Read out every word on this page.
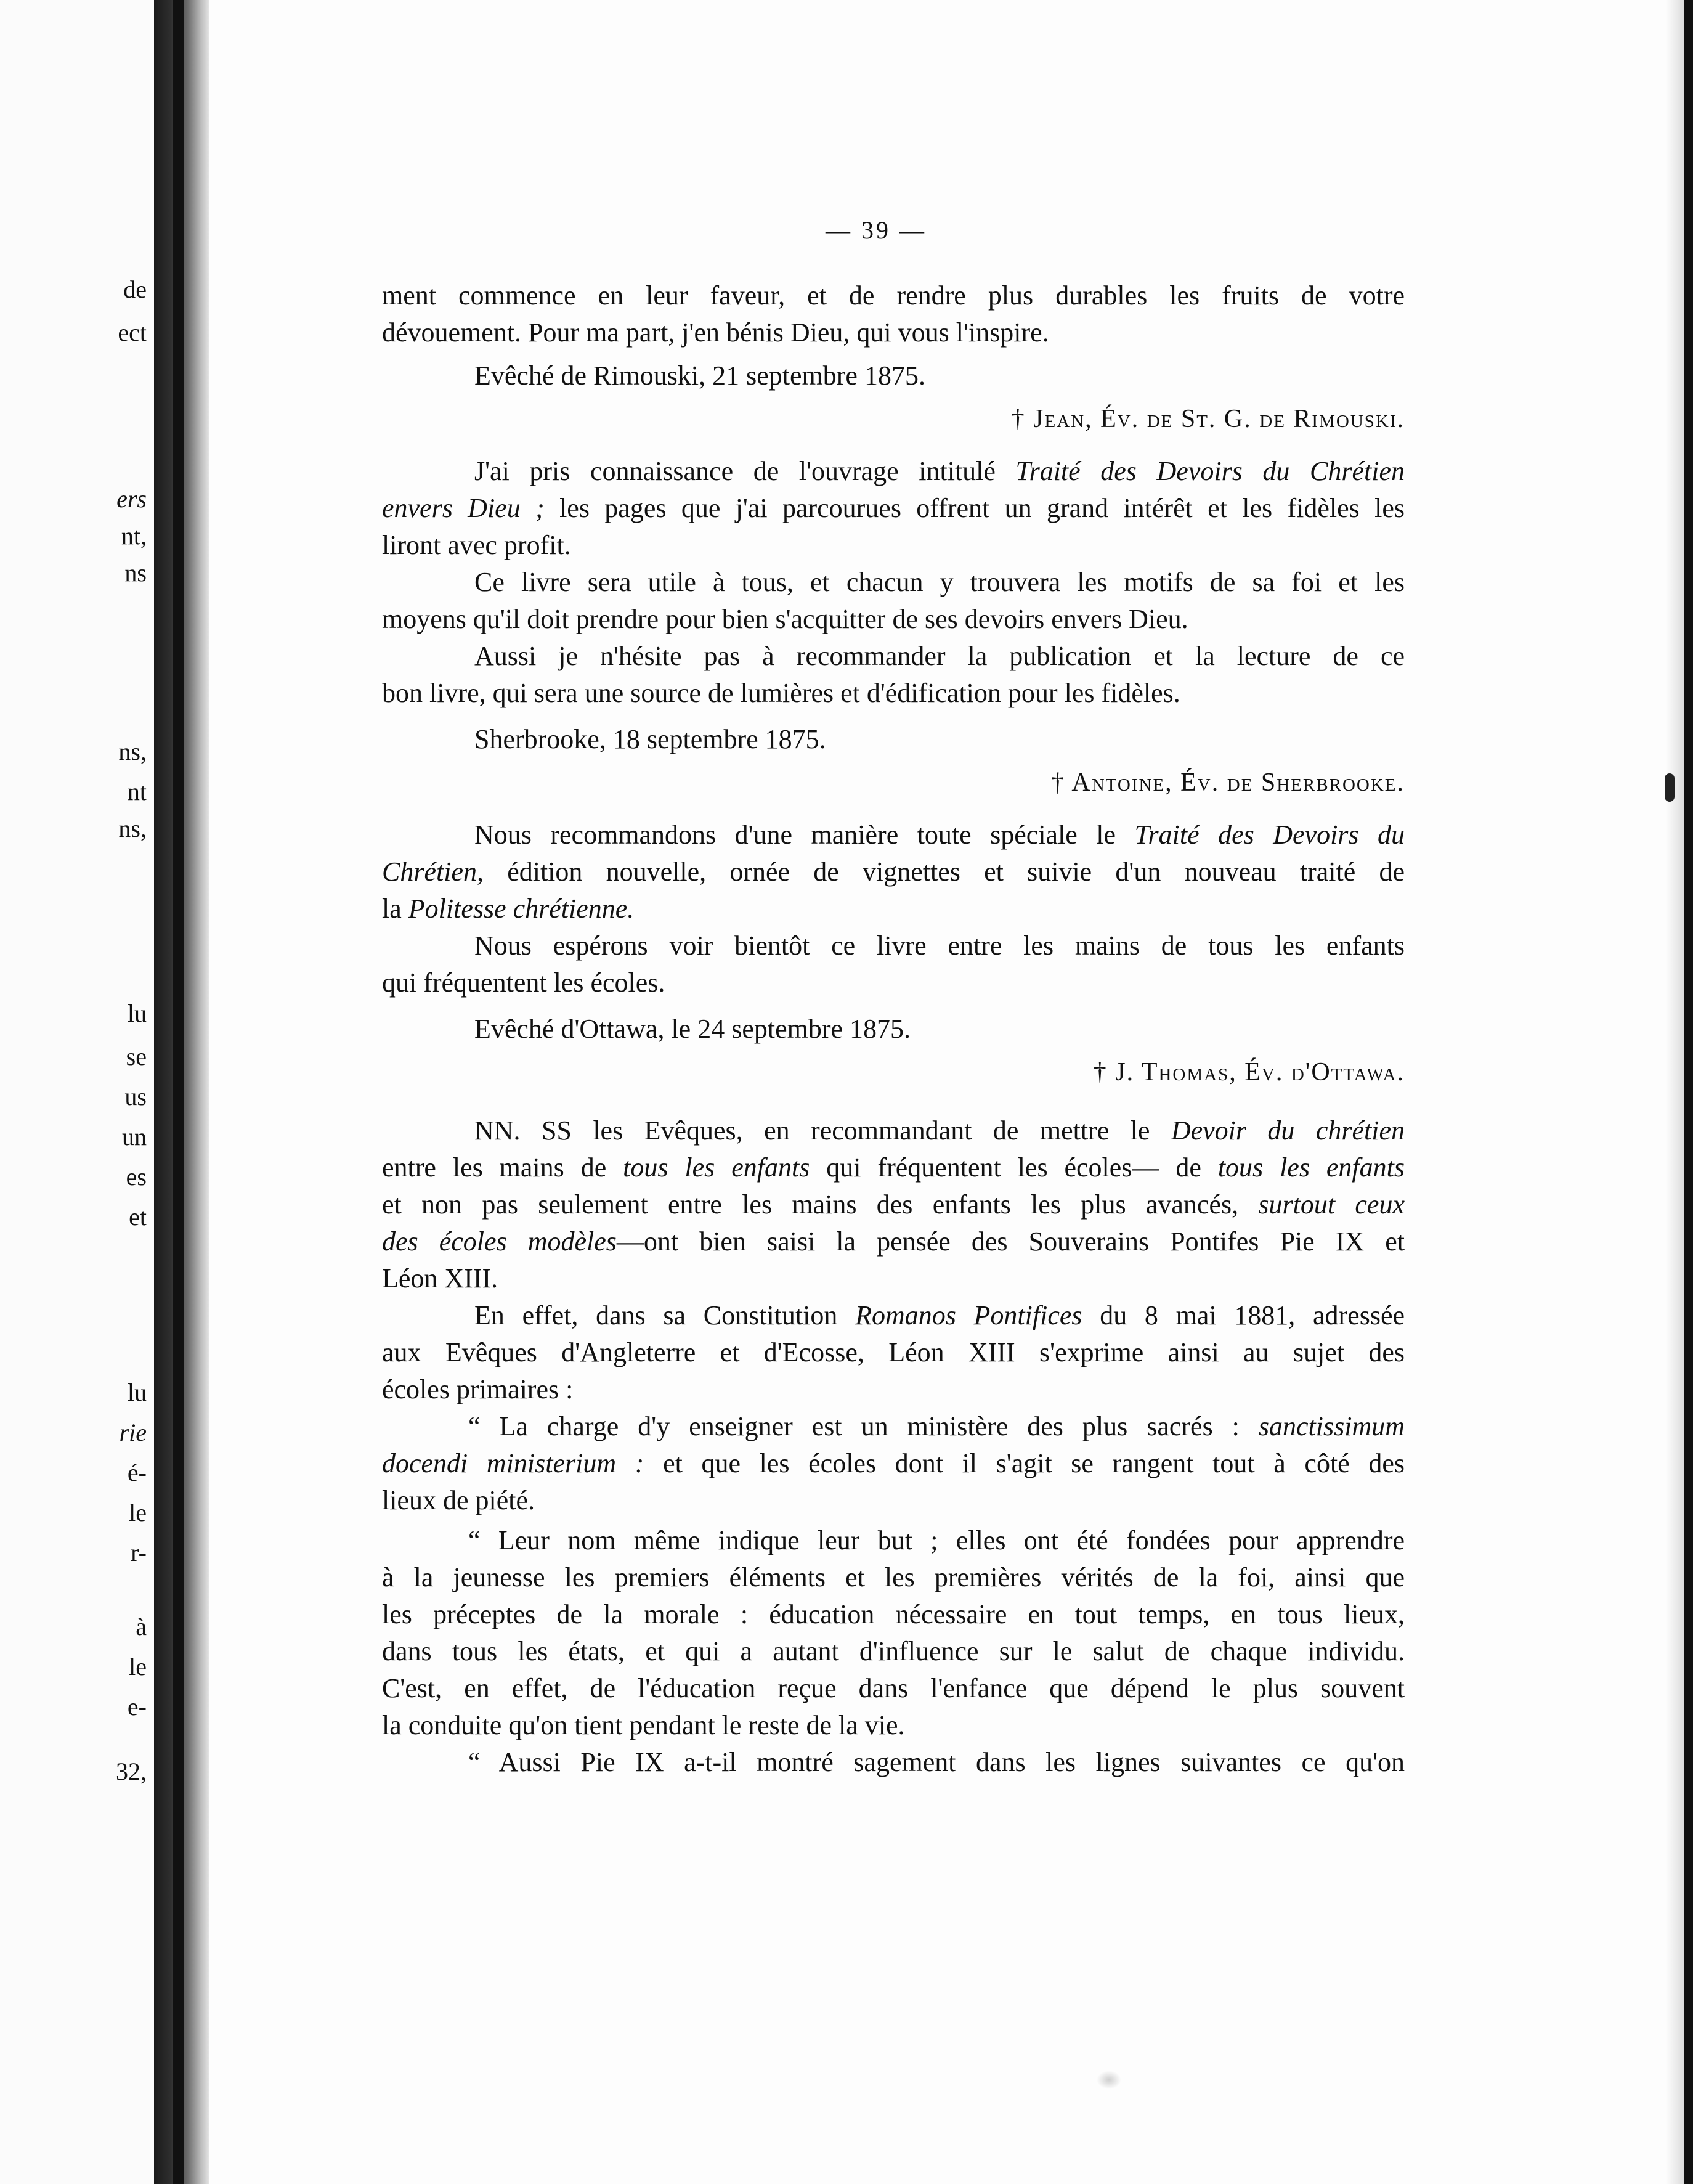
de
ect
ers
nt,
ns
ns,
nt
ns,
lu
se
us
un
es
et
lu
rie
é-
le
r-
à
le
e-
32,
— 39 —

ment commence en leur faveur, et de rendre plus durables les fruits de votre

dévouement. Pour ma part, j'en bénis Dieu, qui vous l'inspire.

Evêché de Rimouski, 21 septembre 1875.
† Jean, Év. de St. G. de Rimouski.

J'ai pris connaissance de l'ouvrage intitulé Traité des Devoirs du Chrétien

envers Dieu ; les pages que j'ai parcourues offrent un grand intérêt et les fidèles les

liront avec profit.

Ce livre sera utile à tous, et chacun y trouvera les motifs de sa foi et les

moyens qu'il doit prendre pour bien s'acquitter de ses devoirs envers Dieu.

Aussi je n'hésite pas à recommander la publication et la lecture de ce

bon livre, qui sera une source de lumières et d'édification pour les fidèles.

Sherbrooke, 18 septembre 1875.
† Antoine, Év. de Sherbrooke.

Nous recommandons d'une manière toute spéciale le Traité des Devoirs du

Chrétien, édition nouvelle, ornée de vignettes et suivie d'un nouveau traité de

la Politesse chrétienne.

Nous espérons voir bientôt ce livre entre les mains de tous les enfants

qui fréquentent les écoles.

Evêché d'Ottawa, le 24 septembre 1875.
† J. Thomas, Év. d'Ottawa.

NN. SS les Evêques, en recommandant de mettre le Devoir du chrétien

entre les mains de tous les enfants qui fréquentent les écoles— de tous les enfants

et non pas seulement entre les mains des enfants les plus avancés, surtout ceux

des écoles modèles—ont bien saisi la pensée des Souverains Pontifes Pie IX et

Léon XIII.

En effet, dans sa Constitution Romanos Pontifices du 8 mai 1881, adressée

aux Evêques d'Angleterre et d'Ecosse, Léon XIII s'exprime ainsi au sujet des

écoles primaires :

“ La charge d'y enseigner est un ministère des plus sacrés : sanctissimum

docendi ministerium : et que les écoles dont il s'agit se rangent tout à côté des

lieux de piété.

“ Leur nom même indique leur but ; elles ont été fondées pour apprendre

à la jeunesse les premiers éléments et les premières vérités de la foi, ainsi que

les préceptes de la morale : éducation nécessaire en tout temps, en tous lieux,

dans tous les états, et qui a autant d'influence sur le salut de chaque individu.

C'est, en effet, de l'éducation reçue dans l'enfance que dépend le plus souvent

la conduite qu'on tient pendant le reste de la vie.

“ Aussi Pie IX a-t-il montré sagement dans les lignes suivantes ce qu'on
